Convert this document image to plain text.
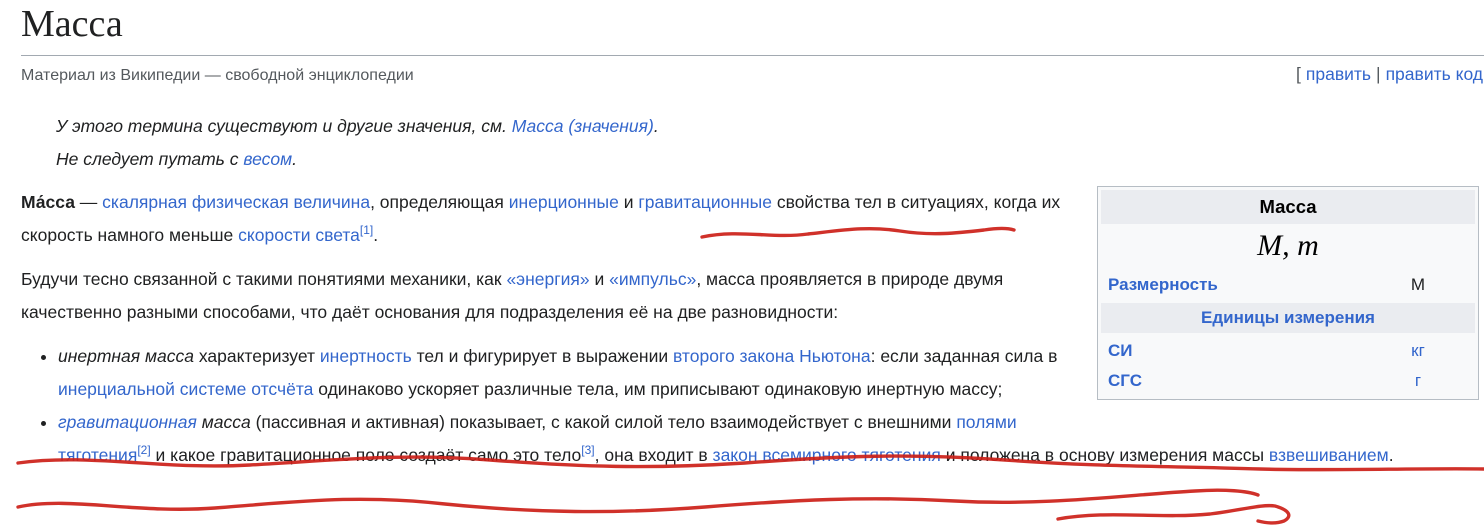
Масса
Материал из Википедии — свободной энциклопедии	[ править | править код
У этого термина существуют и другие значения, см. Масса (значения).
Не следует путать с весом.
Масса
M, m
Размерность	М
Единицы измерения
СИ	кг
СГС	г

Ма́сса — скалярная физическая величина, определяющая инерционные и гравитационные свойства тел в ситуациях, когда их скорость намного меньше скорости света[1].

Будучи тесно связанной с такими понятиями механики, как «энергия» и «импульс», масса проявляется в природе двумя качественно разными способами, что даёт основания для подразделения её на две разновидности:

• инертная масса характеризует инертность тел и фигурирует в выражении второго закона Ньютона: если заданная сила в инерциальной системе отсчёта одинаково ускоряет различные тела, им приписывают одинаковую инертную массу;
• гравитационная масса (пассивная и активная) показывает, с какой силой тело взаимодействует с внешними полями тяготения[2] и какое гравитационное поле создаёт само это тело[3], она входит в закон всемирного тяготения и положена в основу измерения массы взвешиванием.
